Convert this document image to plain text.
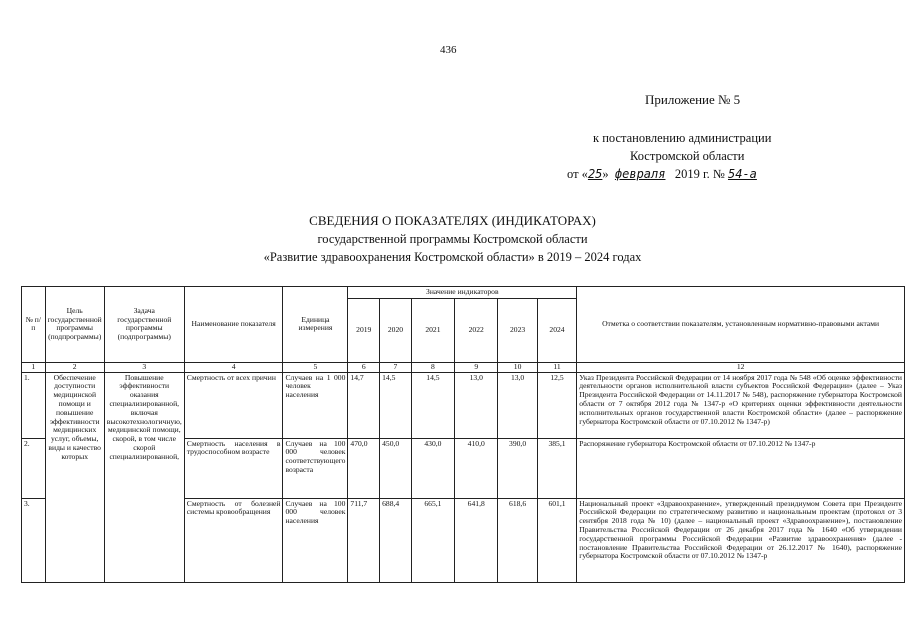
436
Приложение № 5
к постановлению администрации
Костромской области
от «25» февраля 2019 г. № 54-а
СВЕДЕНИЯ О ПОКАЗАТЕЛЯХ (ИНДИКАТОРАХ)
государственной программы Костромской области
«Развитие здравоохранения Костромской области» в 2019 – 2024 годах
№ п/п	Цель государственной программы (подпрограммы)	Задача государственной программы (подпрограммы)	Наименование показателя	Единица измерения	Значение индикаторов						Отметка о соответствии показателям, установленным нормативно-правовыми актами
					2019	2020	2021	2022	2023	2024	
1	2	3	4	5	6	7	8	9	10	11	12
1.	Обеспечение доступности медицинской помощи и повышение эффективности медицинских услуг, объемы, виды и качество которых	Повышение эффективности оказания специализированной, включая высокотехнологичную, медицинской помощи, скорой, в том числе скорой специализированной,	Смертность от всех причин	Случаев на 1 000 человек населения	14,7	14,5	14,5	13,0	13,0	12,5	Указ Президента Российской Федерации от 14 ноября 2017 года № 548 «Об оценке эффективности деятельности органов исполнительной власти субъектов Российской Федерации» (далее – Указ Президента Российской Федерации от 14.11.2017 № 548), распоряжение губернатора Костромской области от 7 октября 2012 года № 1347-р «О критериях оценки эффективности деятельности исполнительных органов государственной власти Костромской области» (далее – распоряжение губернатора Костромской области от 07.10.2012 № 1347-р)
2.			Смертность населения в трудоспособном возрасте	Случаев на 100 000 человек соответствующего возраста	470,0	450,0	430,0	410,0	390,0	385,1	Распоряжение губернатора Костромской области от 07.10.2012 № 1347-р
3.			Смертность от болезней системы кровообращения	Случаев на 100 000 человек населения	711,7	688,4	665,1	641,8	618,6	601,1	Национальный проект «Здравоохранение», утвержденный президиумом Совета при Президенте Российской Федерации по стратегическому развитию и национальным проектам (протокол от 3 сентября 2018 года № 10) (далее – национальный проект «Здравоохранение»), постановление Правительства Российской Федерации от 26 декабря 2017 года № 1640 «Об утверждении государственной программы Российской Федерации «Развитие здравоохранения» (далее - постановление Правительства Российской Федерации от 26.12.2017 № 1640), распоряжение губернатора Костромской области от 07.10.2012 № 1347-р
